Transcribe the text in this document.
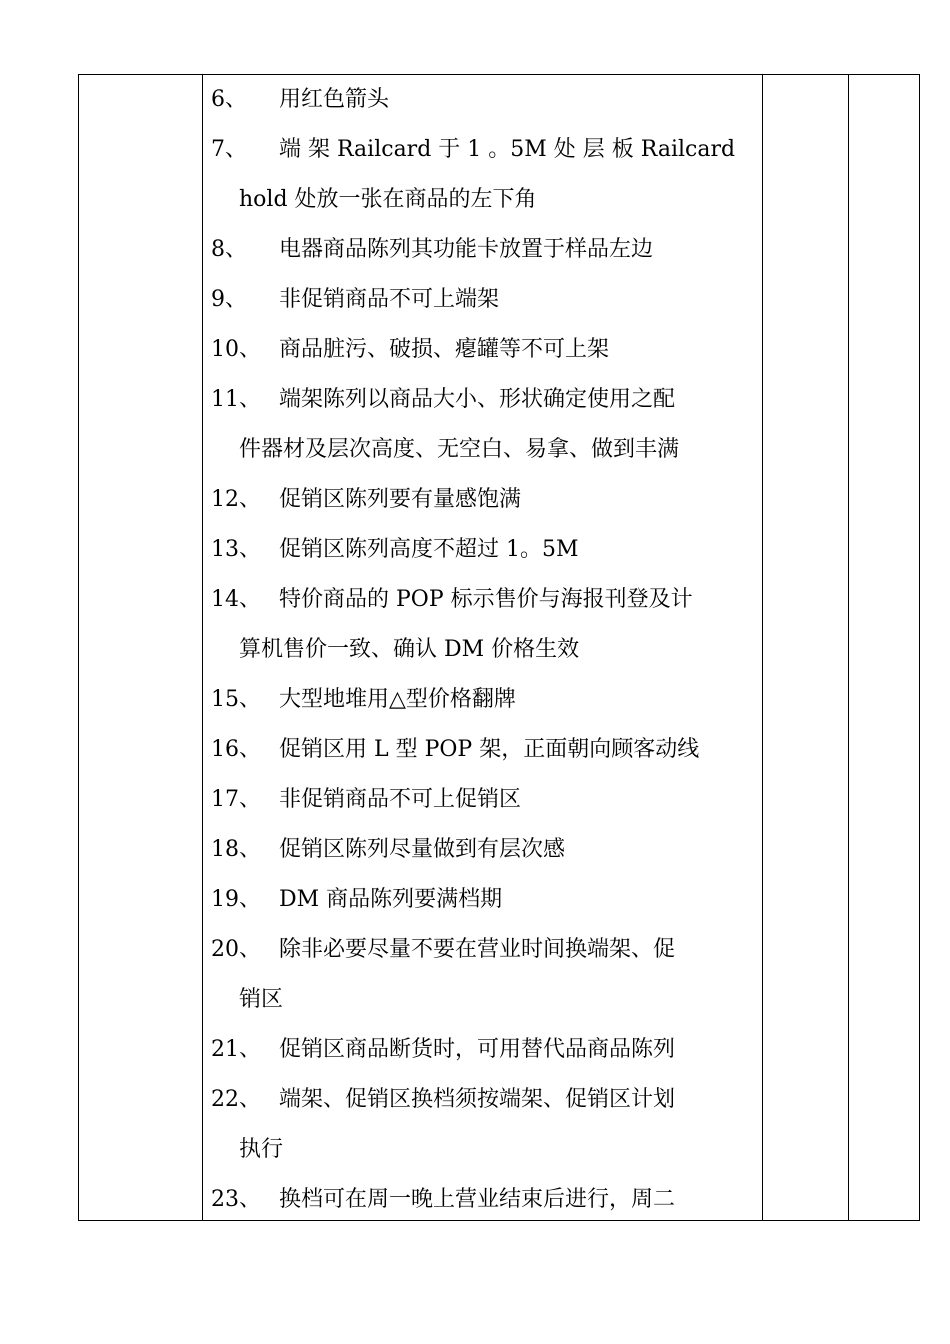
6、	用红色箭头
7、	端 架 Railcard 于 1 。5M 处 层 板 Railcard
hold 处放一张在商品的左下角
8、	电器商品陈列其功能卡放置于样品左边
9、	非促销商品不可上端架
10、 商品脏污、破损、瘪罐等不可上架
11、 端架陈列以商品大小、形状确定使用之配
件器材及层次高度、无空白、易拿、做到丰满
12、 促销区陈列要有量感饱满
13、 促销区陈列高度不超过 1。5M
14、 特价商品的 POP 标示售价与海报刊登及计
算机售价一致、确认 DM 价格生效
15、 大型地堆用△型价格翻牌
16、 促销区用 L 型 POP 架，正面朝向顾客动线
17、 非促销商品不可上促销区
18、 促销区陈列尽量做到有层次感
19、 DM 商品陈列要满档期
20、 除非必要尽量不要在营业时间换端架、促
销区
21、 促销区商品断货时，可用替代品商品陈列
22、 端架、促销区换档须按端架、促销区计划
执行
23、 换档可在周一晚上营业结束后进行，周二
